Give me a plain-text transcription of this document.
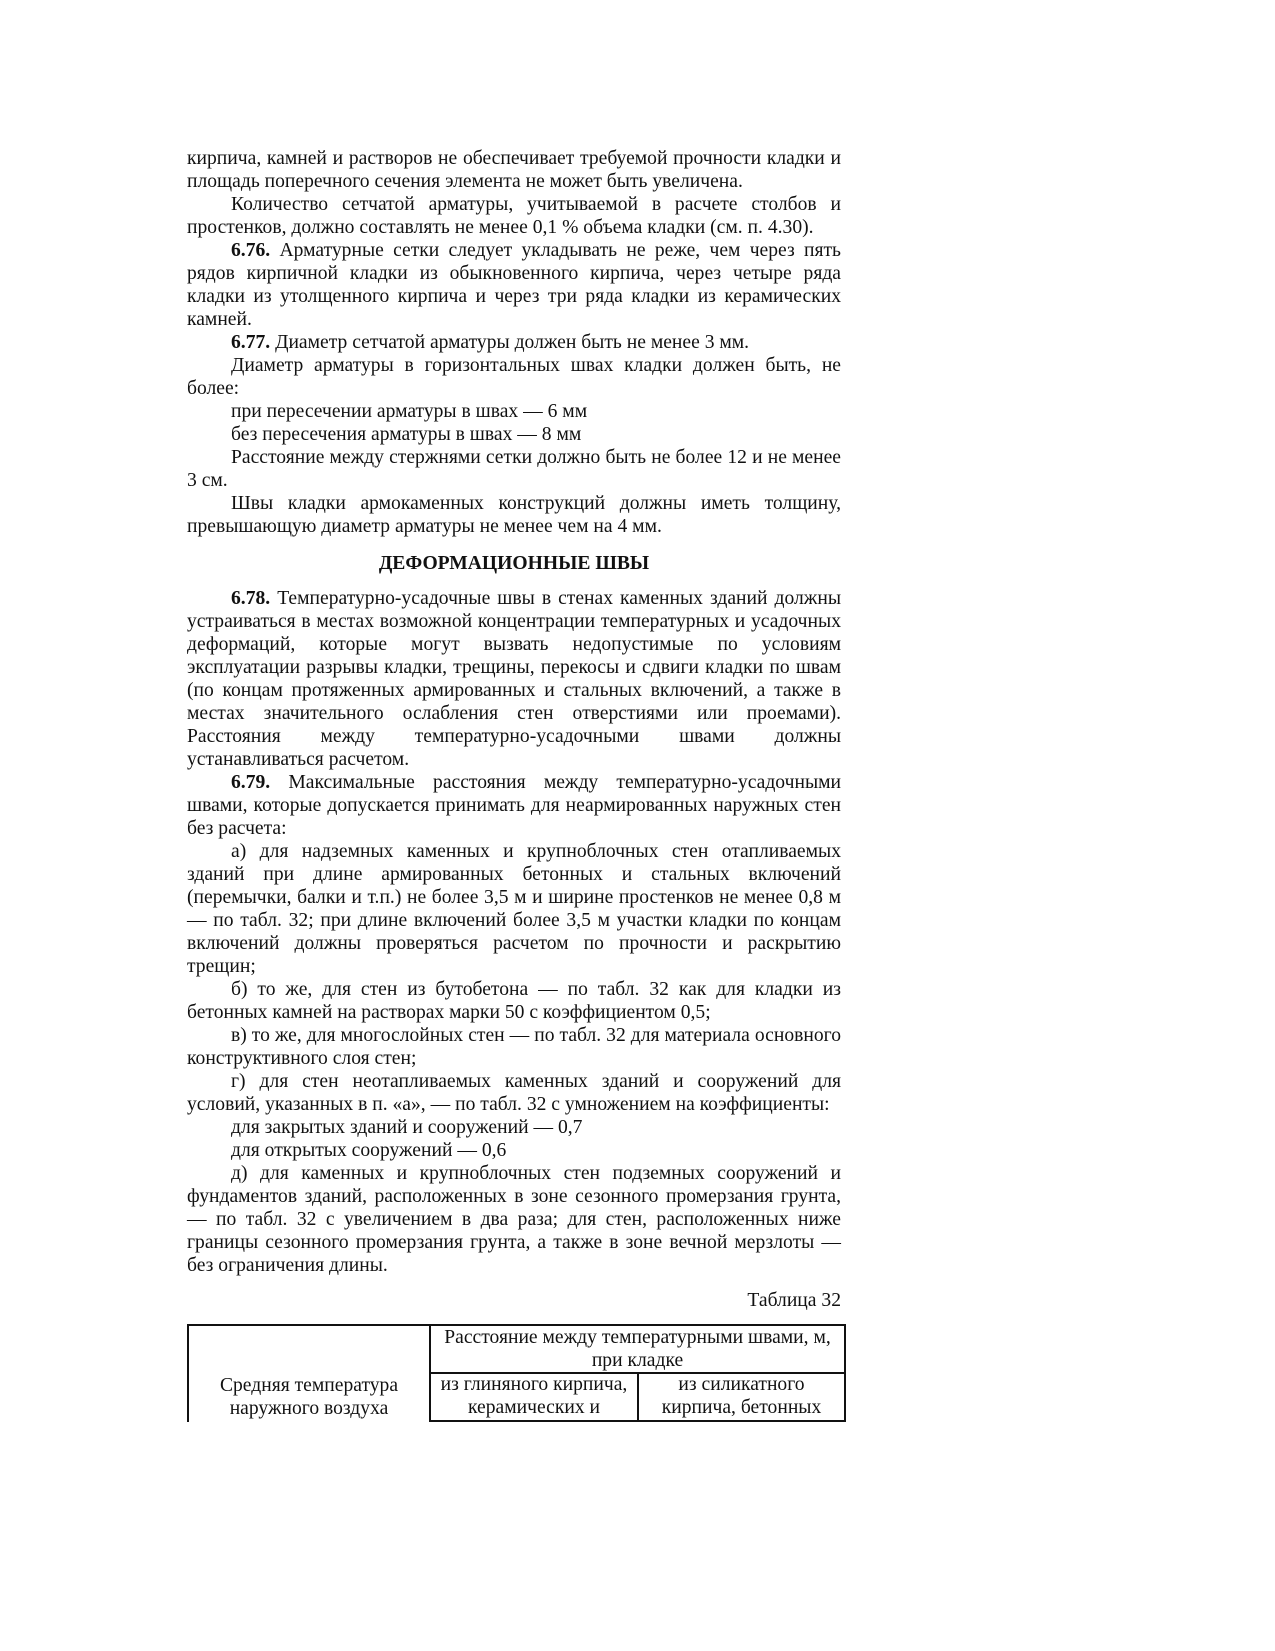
кирпича, камней и растворов не обеспечивает требуемой прочности кладки и площадь поперечного сечения элемента не может быть увеличена.

Количество сетчатой арматуры, учитываемой в расчете столбов и простенков, должно составлять не менее 0,1 % объема кладки (см. п. 4.30).

6.76. Арматурные сетки следует укладывать не реже, чем через пять рядов кирпичной кладки из обыкновенного кирпича, через четыре ряда кладки из утолщенного кирпича и через три ряда кладки из керамических камней.

6.77. Диаметр сетчатой арматуры должен быть не менее 3 мм.

Диаметр арматуры в горизонтальных швах кладки должен быть, не более:

при пересечении арматуры в швах — 6 мм

без пересечения арматуры в швах — 8 мм

Расстояние между стержнями сетки должно быть не более 12 и не менее 3 см.

Швы кладки армокаменных конструкций должны иметь толщину, превышающую диаметр арматуры не менее чем на 4 мм.

ДЕФОРМАЦИОННЫЕ ШВЫ

6.78. Температурно-усадочные швы в стенах каменных зданий должны устраиваться в местах возможной концентрации температурных и усадочных деформаций, которые могут вызвать недопустимые по условиям эксплуатации разрывы кладки, трещины, перекосы и сдвиги кладки по швам (по концам протяженных армированных и стальных включений, а также в местах значительного ослабления стен отверстиями или проемами). Расстояния между температурно-усадочными швами должны устанавливаться расчетом.

6.79. Максимальные расстояния между температурно-усадочными швами, которые допускается принимать для неармированных наружных стен без расчета:

а) для надземных каменных и крупноблочных стен отапливаемых зданий при длине армированных бетонных и стальных включений (перемычки, балки и т.п.) не более 3,5 м и ширине простенков не менее 0,8 м — по табл. 32; при длине включений более 3,5 м участки кладки по концам включений должны проверяться расчетом по прочности и раскрытию трещин;

б) то же, для стен из бутобетона — по табл. 32 как для кладки из бетонных камней на растворах марки 50 с коэффициентом 0,5;

в) то же, для многослойных стен — по табл. 32 для материала основного конструктивного слоя стен;

г) для стен неотапливаемых каменных зданий и сооружений для условий, указанных в п. «а», — по табл. 32 с умножением на коэффициенты:

для закрытых зданий и сооружений — 0,7

для открытых сооружений — 0,6

д) для каменных и крупноблочных стен подземных сооружений и фундаментов зданий, расположенных в зоне сезонного промерзания грунта, — по табл. 32 с увеличением в два раза; для стен, расположенных ниже границы сезонного промерзания грунта, а также в зоне вечной мерзлоты — без ограничения длины.

Таблица 32

Средняя температура наружного воздуха
Расстояние между температурными швами, м, при кладке
из глиняного кирпича, керамических и
из силикатного кирпича, бетонных
